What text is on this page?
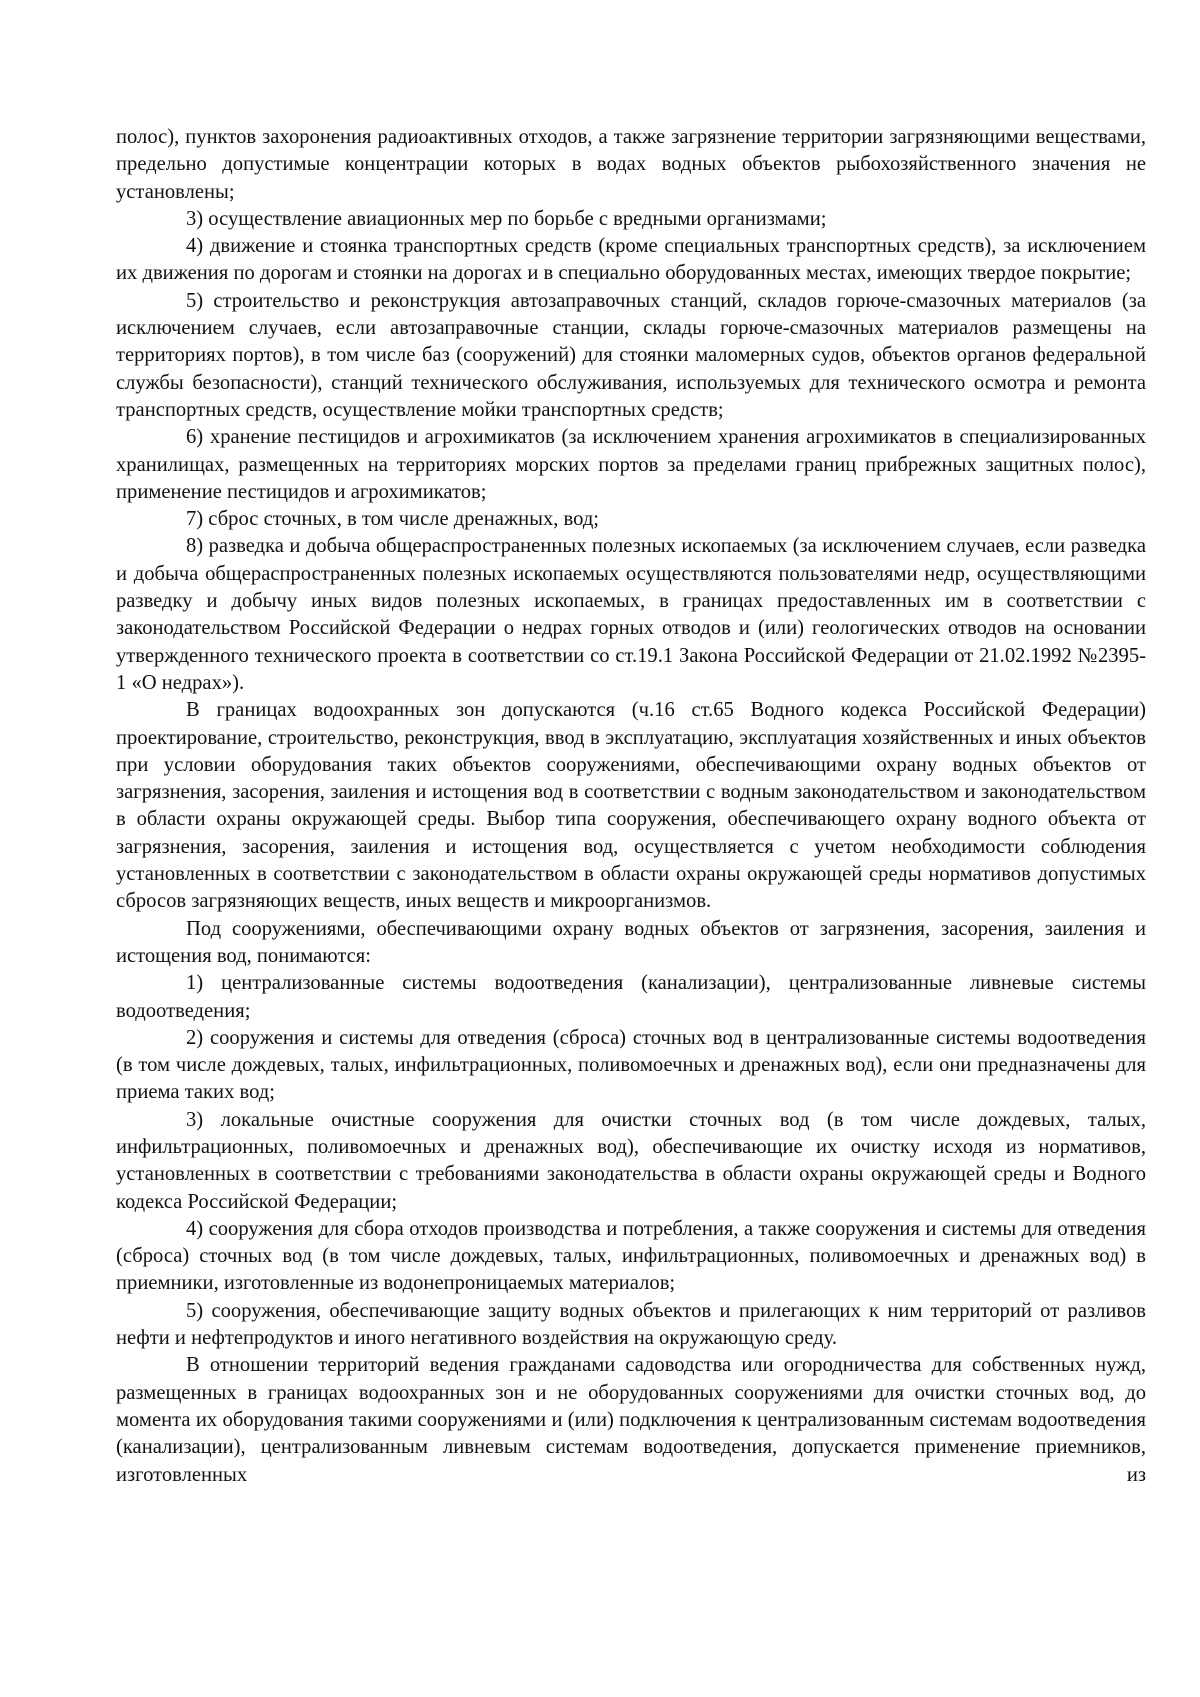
полос), пунктов захоронения радиоактивных отходов, а также загрязнение территории загрязняющими веществами, предельно допустимые концентрации которых в водах водных объектов рыбохозяйственного значения не установлены;

3) осуществление авиационных мер по борьбе с вредными организмами;

4) движение и стоянка транспортных средств (кроме специальных транспортных средств), за исключением их движения по дорогам и стоянки на дорогах и в специально оборудованных местах, имеющих твердое покрытие;

5) строительство и реконструкция автозаправочных станций, складов горюче-смазочных материалов (за исключением случаев, если автозаправочные станции, склады горюче-смазочных материалов размещены на территориях портов), в том числе баз (сооружений) для стоянки маломерных судов, объектов органов федеральной службы безопасности), станций технического обслуживания, используемых для технического осмотра и ремонта транспортных средств, осуществление мойки транспортных средств;

6) хранение пестицидов и агрохимикатов (за исключением хранения агрохимикатов в специализированных хранилищах, размещенных на территориях морских портов за пределами границ прибрежных защитных полос), применение пестицидов и агрохимикатов;

7) сброс сточных, в том числе дренажных, вод;

8) разведка и добыча общераспространенных полезных ископаемых (за исключением случаев, если разведка и добыча общераспространенных полезных ископаемых осуществляются пользователями недр, осуществляющими разведку и добычу иных видов полезных ископаемых, в границах предоставленных им в соответствии с законодательством Российской Федерации о недрах горных отводов и (или) геологических отводов на основании утвержденного технического проекта в соответствии со ст.19.1 Закона Российской Федерации от 21.02.1992 №2395-1 «О недрах»).

В границах водоохранных зон допускаются (ч.16 ст.65 Водного кодекса Российской Федерации) проектирование, строительство, реконструкция, ввод в эксплуатацию, эксплуатация хозяйственных и иных объектов при условии оборудования таких объектов сооружениями, обеспечивающими охрану водных объектов от загрязнения, засорения, заиления и истощения вод в соответствии с водным законодательством и законодательством в области охраны окружающей среды. Выбор типа сооружения, обеспечивающего охрану водного объекта от загрязнения, засорения, заиления и истощения вод, осуществляется с учетом необходимости соблюдения установленных в соответствии с законодательством в области охраны окружающей среды нормативов допустимых сбросов загрязняющих веществ, иных веществ и микроорганизмов.

Под сооружениями, обеспечивающими охрану водных объектов от загрязнения, засорения, заиления и истощения вод, понимаются:

1) централизованные системы водоотведения (канализации), централизованные ливневые системы водоотведения;

2) сооружения и системы для отведения (сброса) сточных вод в централизованные системы водоотведения (в том числе дождевых, талых, инфильтрационных, поливомоечных и дренажных вод), если они предназначены для приема таких вод;

3) локальные очистные сооружения для очистки сточных вод (в том числе дождевых, талых, инфильтрационных, поливомоечных и дренажных вод), обеспечивающие их очистку исходя из нормативов, установленных в соответствии с требованиями законодательства в области охраны окружающей среды и Водного кодекса Российской Федерации;

4) сооружения для сбора отходов производства и потребления, а также сооружения и системы для отведения (сброса) сточных вод (в том числе дождевых, талых, инфильтрационных, поливомоечных и дренажных вод) в приемники, изготовленные из водонепроницаемых материалов;

5) сооружения, обеспечивающие защиту водных объектов и прилегающих к ним территорий от разливов нефти и нефтепродуктов и иного негативного воздействия на окружающую среду.

В отношении территорий ведения гражданами садоводства или огородничества для собственных нужд, размещенных в границах водоохранных зон и не оборудованных сооружениями для очистки сточных вод, до момента их оборудования такими сооружениями и (или) подключения к централизованным системам водоотведения (канализации), централизованным ливневым системам водоотведения, допускается применение приемников, изготовленных из
